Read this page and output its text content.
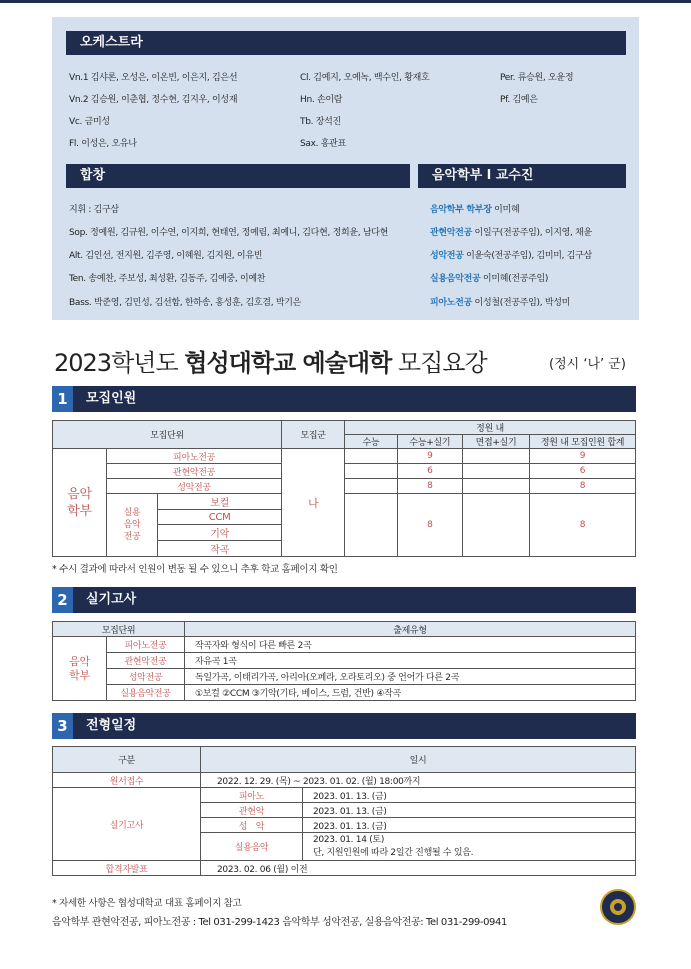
오케스트라
Vn.1 김샤론, 오성은, 이온빈, 이은지, 김은선
Vn.2 김승원, 이춘협, 정수현, 김지우, 이성재
Vc. 금미성
Fl. 이성은, 오유나
Cl. 김예지, 오예녹, 백수인, 황재호
Hn. 손이람
Tb. 장석진
Sax. 홍관표
Per. 류승원, 오윤정
Pf. 김예은
합창
지휘 : 김구삼
Sop. 정예원, 김규원, 이수연, 이지희, 현태연, 정예림, 최예니, 김다현, 정희윤, 남다현
Alt. 김인선, 전지원, 김주영, 이혜원, 김지원, 이유빈
Ten. 송예찬, 주보성, 최성환, 김동주, 김예중, 이예찬
Bass. 박준영, 김민성, 김선함, 한하송, 홍성훈, 김호겸, 박기은
음악학부 l 교수진
음악학부 학부장 이미혜
관현악전공 이일구(전공주임), 이지영, 채윤
성악전공 이윤숙(전공주임), 김미미, 김구삼
실용음악전공 이미혜(전공주임)
피아노전공 이성철(전공주임), 박성미
2023학년도 협성대학교 예술대학 모집요강	(정시 ‘나’ 군)
1	모집인원
모집단위			모집군	정원 내			
				수능	수능+실기	면접+실기	정원 내 모집인원 합계
음악
학부	피아노전공		나		9		9
	관현악전공				6		6
	성악전공				8		8
	실용
음악
전공	보컬			8		8
		CCM					
		기악					
		작곡					
* 수시 결과에 따라서 인원이 변동 될 수 있으니 추후 학교 홈페이지 확인
2	실기고사
모집단위		출제유형
음악
학부	피아노전공	작곡자와 형식이 다른 빠른 2곡
	관현악전공	자유곡 1곡
	성악전공	독일가곡, 이태리가곡, 아리아(오페라, 오라토리오) 중 언어가 다른 2곡
	실용음악전공	①보컬 ②CCM ③기악(기타, 베이스, 드럼, 건반) ④작곡
3	전형일정
구분	일시	
원서접수	2022. 12. 29. (목) ~ 2023. 01. 02. (월) 18:00까지	
실기고사	피아노	2023. 01. 13. (금)
	관현악	2023. 01. 13. (금)
	성　악	2023. 01. 13. (금)
	실용음악	2023. 01. 14 (토)
단, 지원인원에 따라 2일간 진행될 수 있음.

합격자발표	2023. 02. 06 (월) 이전	
* 자세한 사항은 협성대학교 대표 홈페이지 참고
음악학부 관현악전공, 피아노전공 : Tel 031-299-1423 음악학부 성악전공, 실용음악전공: Tel 031-299-0941
